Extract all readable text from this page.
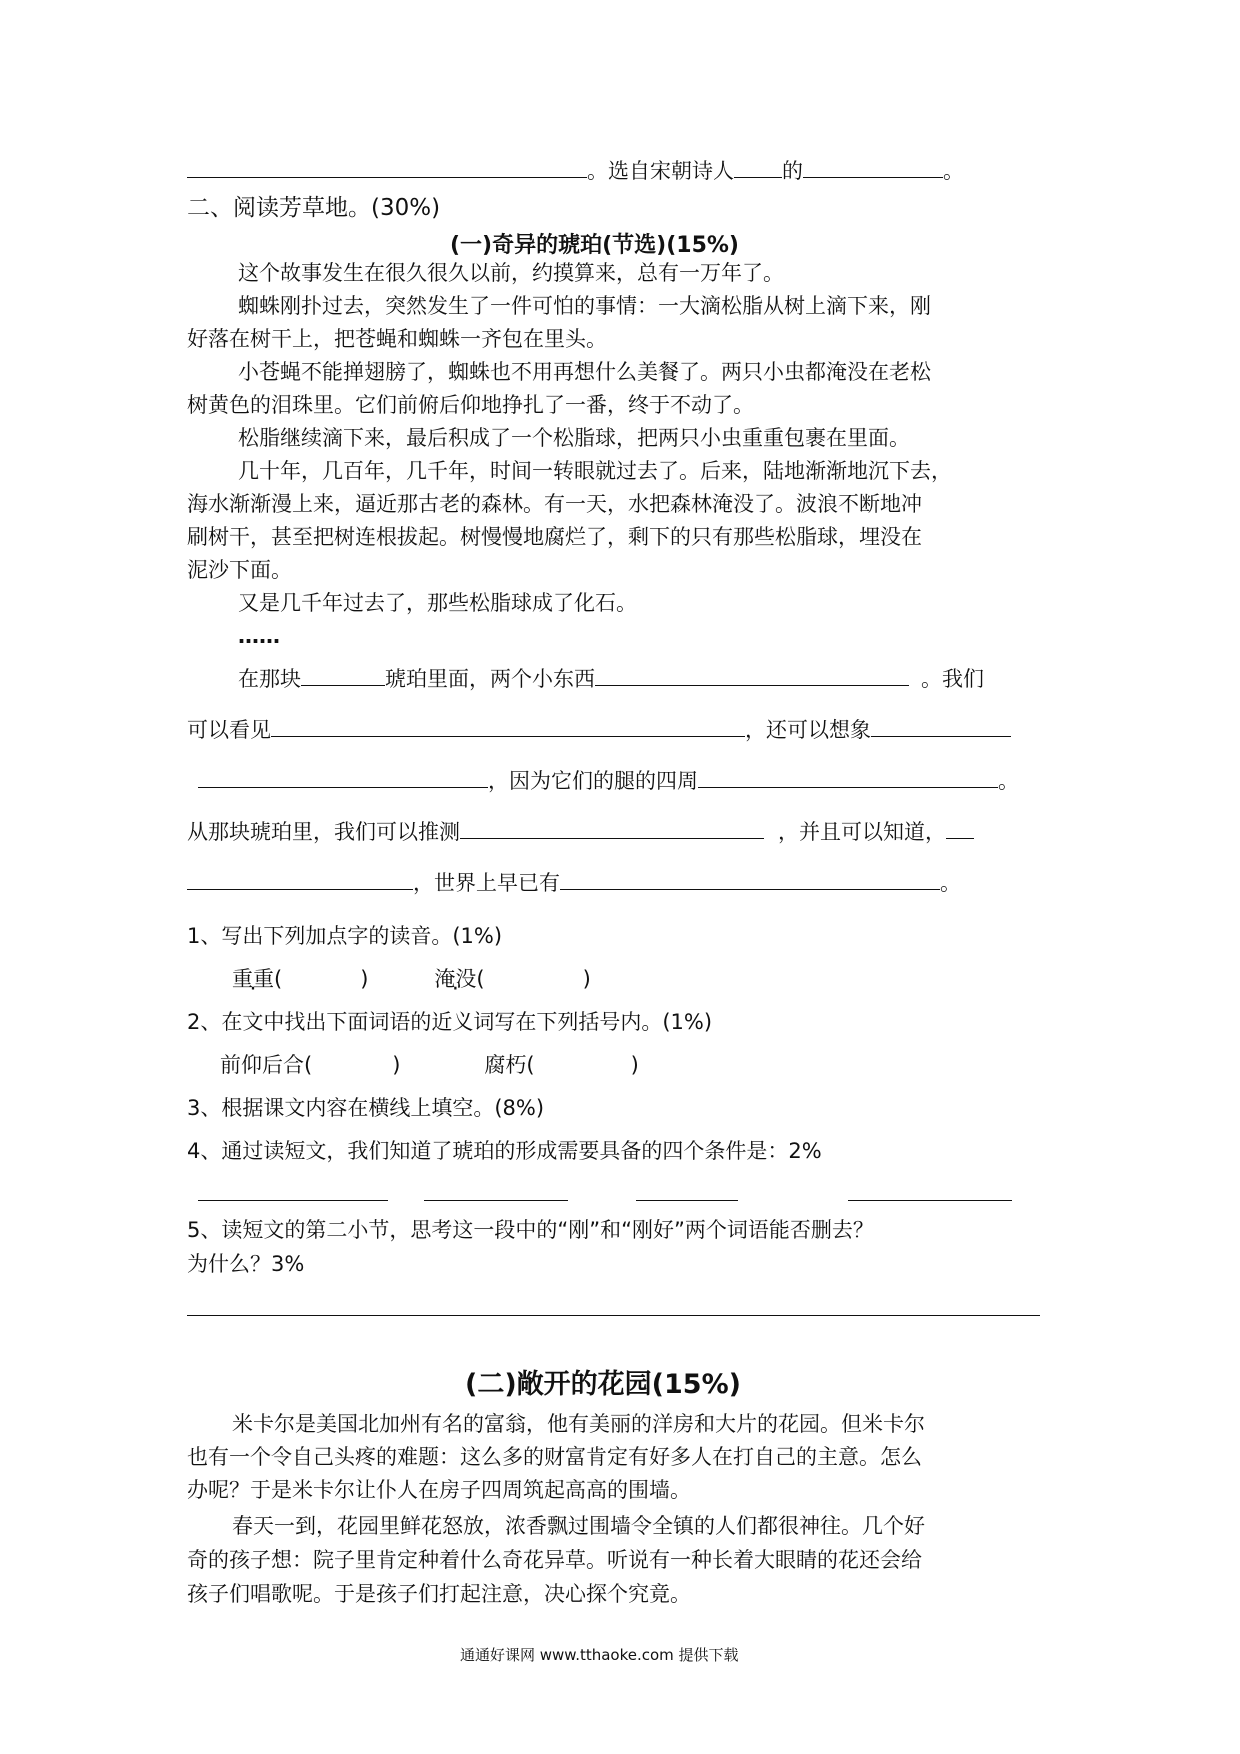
。选自宋朝诗人 的	。
二、阅读芳草地。(30%)
(一)奇异的琥珀(节选)(15%)
这个故事发生在很久很久以前，约摸算来，总有一万年了。
蜘蛛刚扑过去，突然发生了一件可怕的事情：一大滴松脂从树上滴下来，刚
好落在树干上，把苍蝇和蜘蛛一齐包在里头。
小苍蝇不能掸翅膀了，蜘蛛也不用再想什么美餐了。两只小虫都淹没在老松
树黄色的泪珠里。它们前俯后仰地挣扎了一番，终于不动了。
松脂继续滴下来，最后积成了一个松脂球，把两只小虫重重包裹在里面。
几十年，几百年，几千年，时间一转眼就过去了。后来，陆地渐渐地沉下去，
海水渐渐漫上来，逼近那古老的森林。有一天，水把森林淹没了。波浪不断地冲
刷树干，甚至把树连根拔起。树慢慢地腐烂了，剩下的只有那些松脂球，埋没在
泥沙下面。
又是几千年过去了，那些松脂球成了化石。
……
在那块	琥珀里面，两个小东西	。我们
可以看见	，还可以想象
，因为它们的腿的四周	。
从那块琥珀里，我们可以推测	，并且可以知道，
，世界上早已有	。
1、写出下列加点字的读音。(1%)
重重(	)	淹没(	)
2、在文中找出下面词语的近义词写在下列括号内。(1%)
前仰后合(	)	腐朽(	)
3、根据课文内容在横线上填空。(8%)
4、通过读短文，我们知道了琥珀的形成需要具备的四个条件是：2%
5、读短文的第二小节，思考这一段中的“刚”和“刚好”两个词语能否删去？
为什么？3%
(二)敞开的花园(15%)
米卡尔是美国北加州有名的富翁，他有美丽的洋房和大片的花园。但米卡尔
也有一个令自己头疼的难题：这么多的财富肯定有好多人在打自己的主意。怎么
办呢？于是米卡尔让仆人在房子四周筑起高高的围墙。
春天一到，花园里鲜花怒放，浓香飘过围墙令全镇的人们都很神往。几个好
奇的孩子想：院子里肯定种着什么奇花异草。听说有一种长着大眼睛的花还会给
孩子们唱歌呢。于是孩子们打起注意，决心探个究竟。
通通好课网 www.tthaoke.com 提供下载
